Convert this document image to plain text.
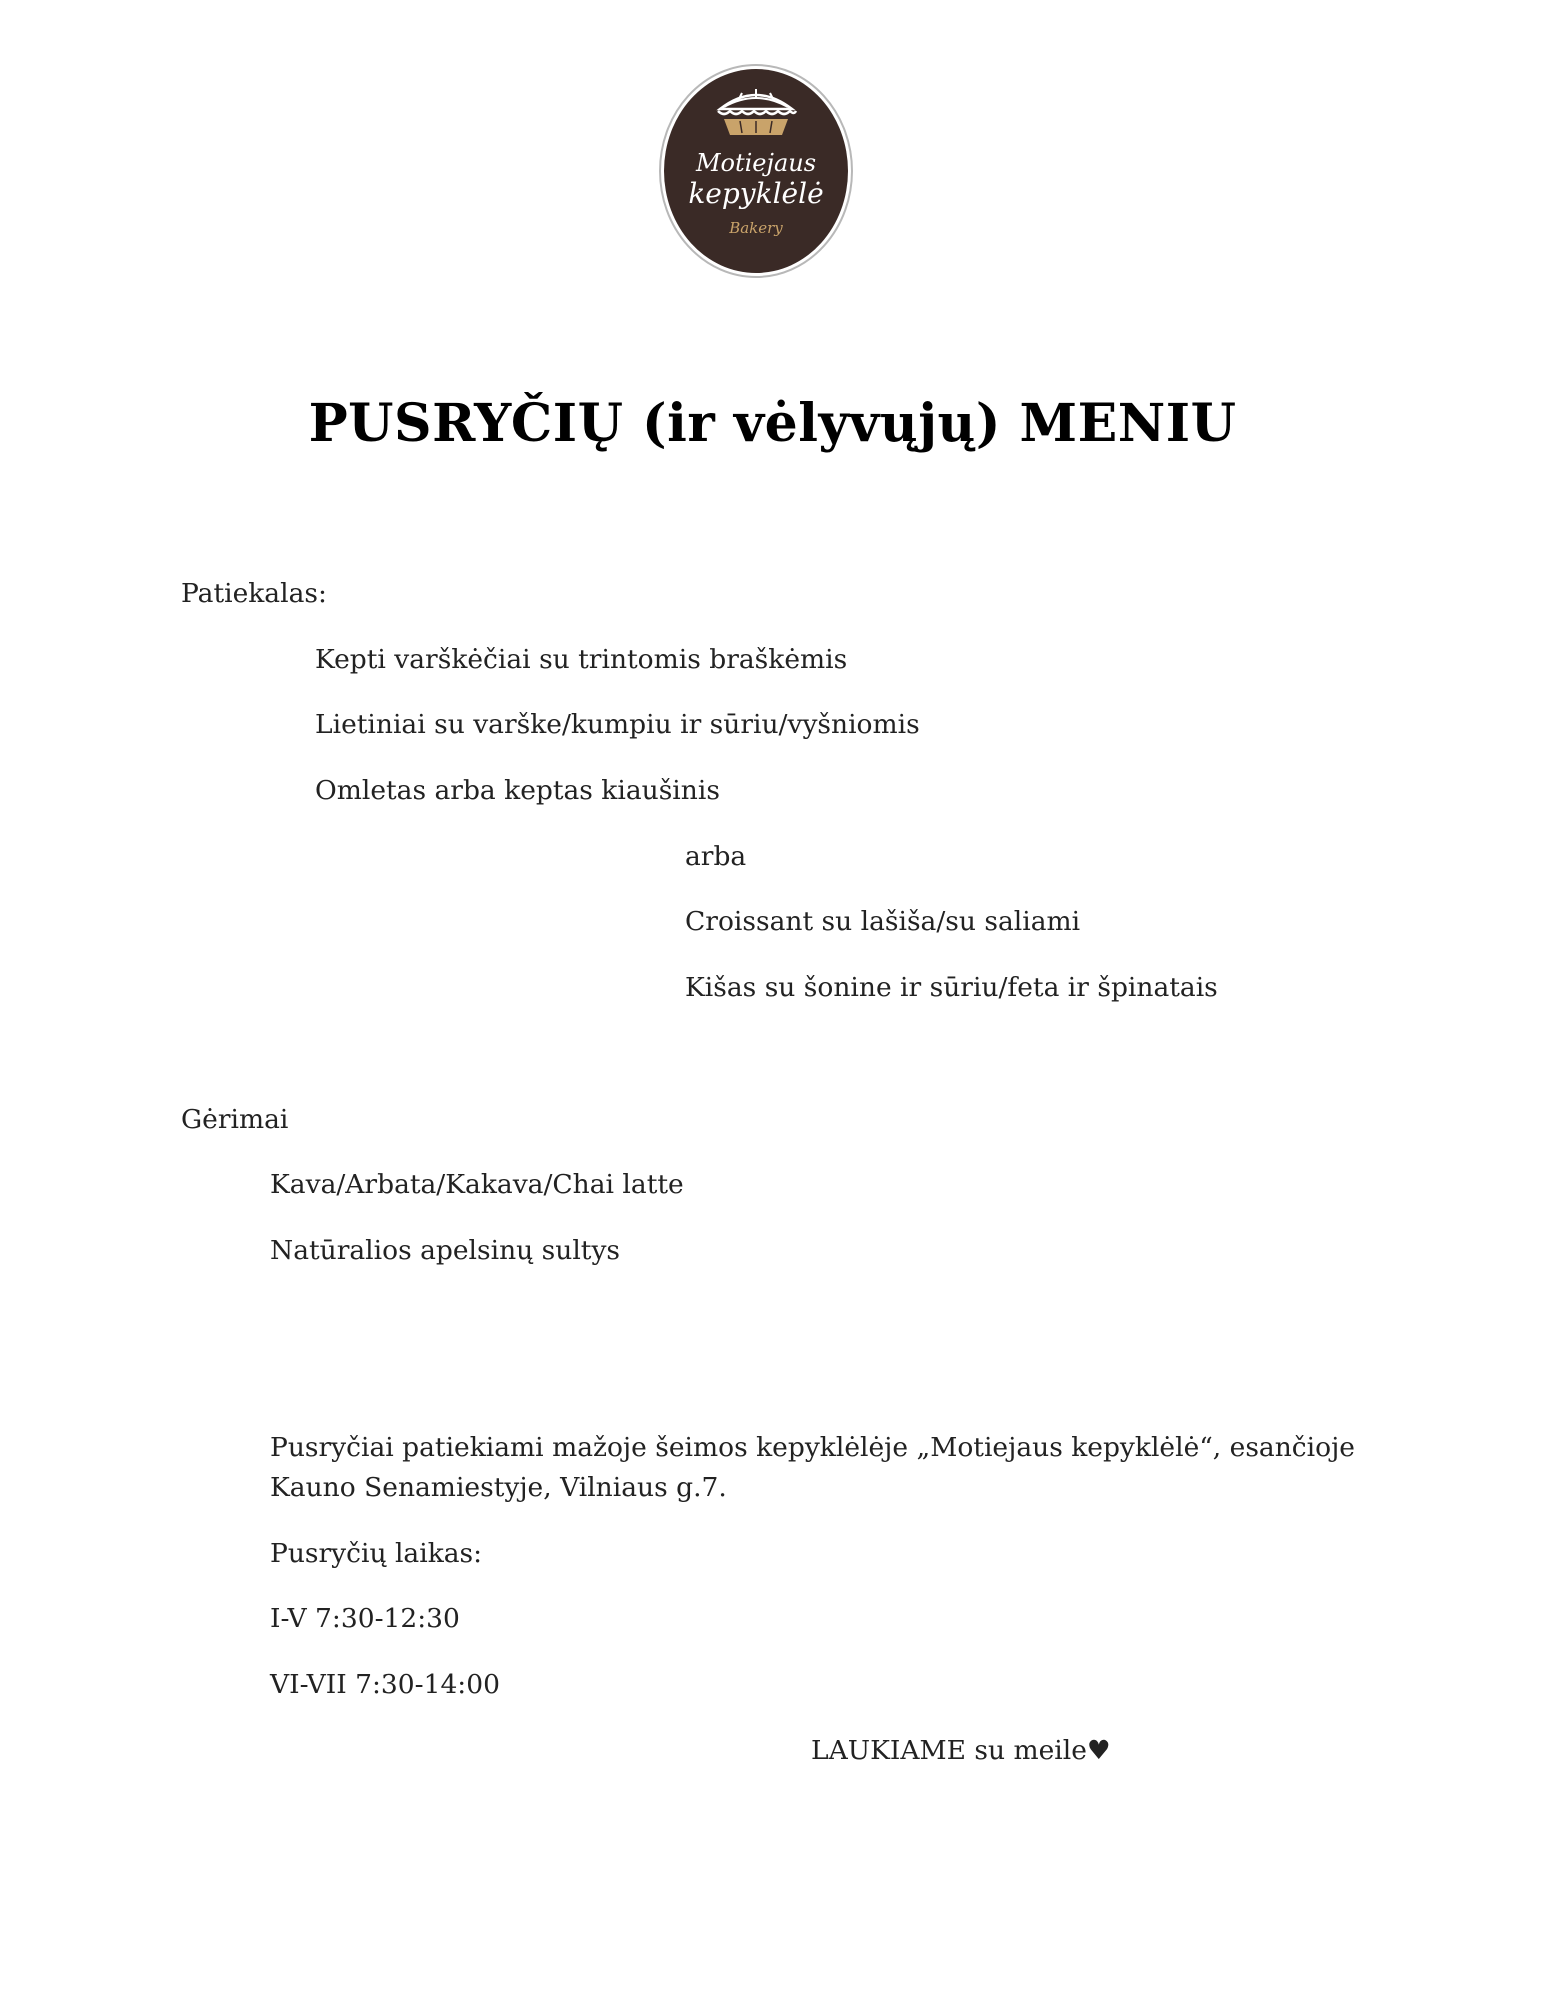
Motiejaus
kepyklėlė
Bakery
PUSRYČIŲ (ir vėlyvųjų) MENIU

Patiekalas:

Kepti varškėčiai su trintomis braškėmis

Lietiniai su varške/kumpiu ir sūriu/vyšniomis

Omletas arba keptas kiaušinis

arba

Croissant su lašiša/su saliami

Kišas su šonine ir sūriu/feta ir špinatais

Gėrimai

Kava/Arbata/Kakava/Chai latte

Natūralios apelsinų sultys

Pusryčiai patiekiami mažoje šeimos kepyklėlėje „Motiejaus kepyklėlė“, esančioje Kauno Senamiestyje, Vilniaus g.7.

Pusryčių laikas:

I-V 7:30-12:30

VI-VII 7:30-14:00

LAUKIAME su meile♥
